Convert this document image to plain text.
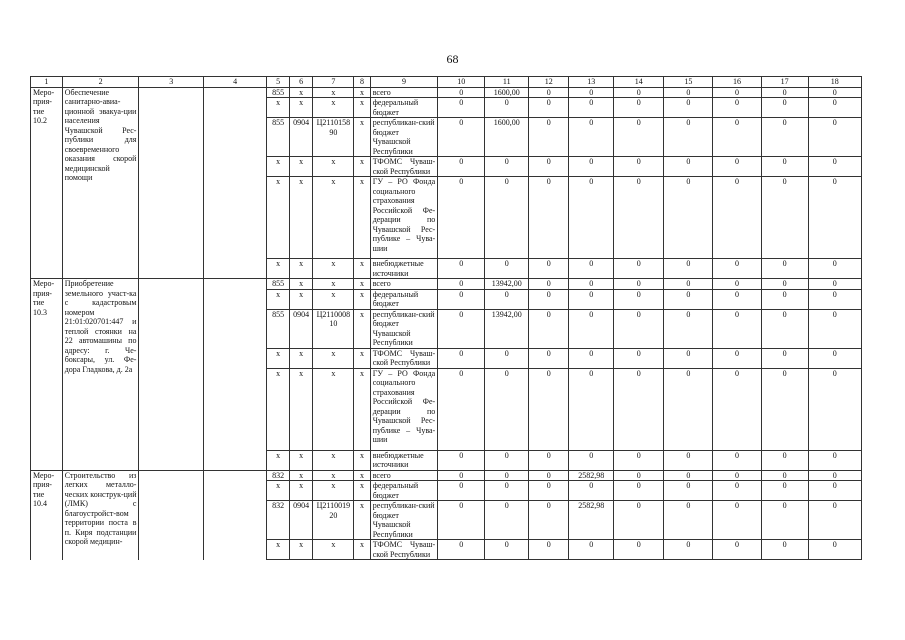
68
1	2	3	4	5	6	7	8	9	10	11	12	13	14	15	16	17	18
Меро-прия-тие 10.2	Обеспечение санитарно-авиа-ционной эвакуа-ции населения Чувашской Рес-публики для своевременного оказания скорой медицинской помощи			855	x	x	x	всего	0	1600,00	0	0	0	0	0	0	0
				x	x	x	x	федеральный бюджет	0	0	0	0	0	0	0	0	0
				855	0904	Ц2110158 90	x	республикан-ский бюджет Чувашской Республики	0	1600,00	0	0	0	0	0	0	0
				x	x	x	x	ТФОМС Чуваш-ской Республики	0	0	0	0	0	0	0	0	0
				x	x	x	x	ГУ – РО Фонда социального страхования Российской Фе-дерации по Чувашской Рес-публике – Чува-шии	0	0	0	0	0	0	0	0	0
				x	x	x	x	внебюджетные источники	0	0	0	0	0	0	0	0	0
Меро-прия-тие 10.3	Приобретение земельного участ-ка с кадастровым номером 21:01:020701:447 и теплой стоянки на 22 автомашины по адресу: г. Че-боксары, ул. Фе-дора Гладкова, д. 2а			855	x	x	x	всего	0	13942,00	0	0	0	0	0	0	0
				x	x	x	x	федеральный бюджет	0	0	0	0	0	0	0	0	0
				855	0904	Ц2110008 10	x	республикан-ский бюджет Чувашской Республики	0	13942,00	0	0	0	0	0	0	0
				x	x	x	x	ТФОМС Чуваш-ской Республики	0	0	0	0	0	0	0	0	0
				x	x	x	x	ГУ – РО Фонда социального страхования Российской Фе-дерации по Чувашской Рес-публике – Чува-шии	0	0	0	0	0	0	0	0	0
				x	x	x	x	внебюджетные источники	0	0	0	0	0	0	0	0	0
Меро-прия-тие 10.4	Строительство из легких металло-ческих конструк-ций (ЛМК) с благоустройст-вом территории поста в п. Киря подстанции скорой медицин-			832	x	x	x	всего	0	0	0	2582,98	0	0	0	0	0
				x	x	x	x	федеральный бюджет	0	0	0	0	0	0	0	0	0
				832	0904	Ц2110019 20	x	республикан-ский бюджет Чувашской Республики	0	0	0	2582,98	0	0	0	0	0
				x	x	x	x	ТФОМС Чуваш-ской Республики	0	0	0	0	0	0	0	0	0
